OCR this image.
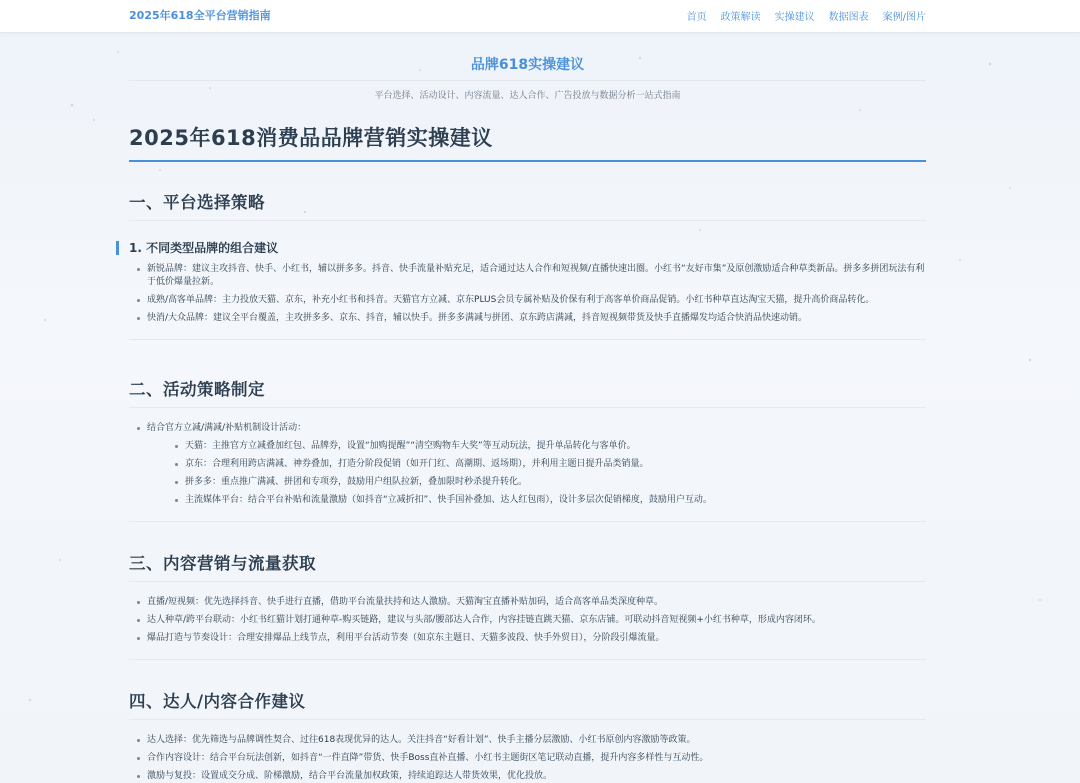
2025年618全平台营销指南	首页 政策解读 实操建议 数据图表 案例/图片
品牌618实操建议
平台选择、活动设计、内容流量、达人合作、广告投放与数据分析一站式指南
2025年618消费品品牌营销实操建议
一、平台选择策略
1. 不同类型品牌的组合建议
新锐品牌：建议主攻抖音、快手、小红书，辅以拼多多。抖音、快手流量补贴充足，适合通过达人合作和短视频/直播快速出圈。小红书“友好市集”及原创激励适合种草类新品。拼多多拼团玩法有利于低价爆量拉新。
成熟/高客单品牌：主力投放天猫、京东，补充小红书和抖音。天猫官方立减、京东PLUS会员专属补贴及价保有利于高客单价商品促销。小红书种草直达淘宝天猫，提升高价商品转化。
快消/大众品牌：建议全平台覆盖，主攻拼多多、京东、抖音，辅以快手。拼多多满减与拼团、京东跨店满减，抖音短视频带货及快手直播爆发均适合快消品快速动销。
二、活动策略制定
结合官方立减/满减/补贴机制设计活动：
天猫：主推官方立减叠加红包、品牌券，设置“加购提醒”“清空购物车大奖”等互动玩法，提升单品转化与客单价。
京东：合理利用跨店满减、神券叠加，打造分阶段促销（如开门红、高潮期、返场期），并利用主题日提升品类销量。
拼多多：重点推广满减、拼团和专项券，鼓励用户组队拉新，叠加限时秒杀提升转化。
主流媒体平台：结合平台补贴和流量激励（如抖音“立减折扣”、快手国补叠加、达人红包雨），设计多层次促销梯度，鼓励用户互动。
三、内容营销与流量获取
直播/短视频：优先选择抖音、快手进行直播，借助平台流量扶持和达人激励。天猫淘宝直播补贴加码，适合高客单品类深度种草。
达人种草/跨平台联动：小红书红猫计划打通种草-购买链路，建议与头部/腰部达人合作，内容挂链直跳天猫、京东店铺。可联动抖音短视频+小红书种草，形成内容闭环。
爆品打造与节奏设计：合理安排爆品上线节点，利用平台活动节奏（如京东主题日、天猫多波段、快手外贸日），分阶段引爆流量。
四、达人/内容合作建议
达人选择：优先筛选与品牌调性契合、过往618表现优异的达人。关注抖音“好看计划”、快手主播分层激励、小红书原创内容激励等政策。
合作内容设计：结合平台玩法创新，如抖音“一件直降”带货、快手Boss直补直播、小红书主题街区笔记联动直播，提升内容多样性与互动性。
激励与复投：设置成交分成、阶梯激励，结合平台流量加权政策，持续追踪达人带货效果，优化投放。
